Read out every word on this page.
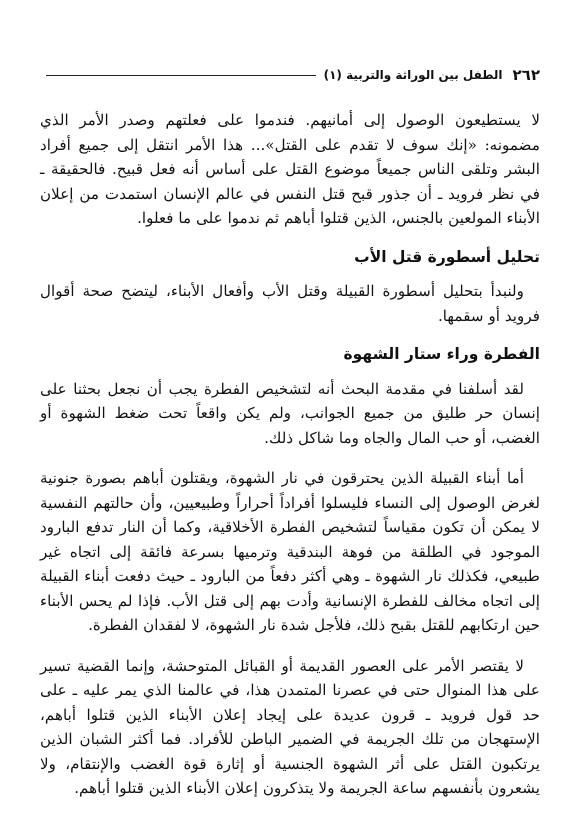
٢٦٢
الطفل بين الوراثة والتربية (١)

لا يستطيعون الوصول إلى أمانيهم. فندموا على فعلتهم وصدر الأمر الذي مضمونه: «إنك سوف لا تقدم على القتل»... هذا الأمر انتقل إلى جميع أفراد البشر وتلقى الناس جميعاً موضوع القتل على أساس أنه فعل قبيح. فالحقيقة ـ في نظر فرويد ـ أن جذور قبح قتل النفس في عالم الإنسان استمدت من إعلان الأبناء المولعين بالجنس، الذين قتلوا أباهم ثم ندموا على ما فعلوا.

تحليل أسطورة قتل الأب

ولنبدأ بتحليل أسطورة القبيلة وقتل الأب وأفعال الأبناء، ليتضح صحة أقوال فرويد أو سقمها.

الفطرة وراء ستار الشهوة

لقد أسلفنا في مقدمة البحث أنه لتشخيص الفطرة يجب أن نجعل بحثنا على إنسان حر طليق من جميع الجوانب، ولم يكن واقعاً تحت ضغط الشهوة أو الغضب، أو حب المال والجاه وما شاكل ذلك.

أما أبناء القبيلة الذين يحترقون في نار الشهوة، ويقتلون أباهم بصورة جنونية لغرض الوصول إلى النساء فليسلوا أفراداً أحراراً وطبيعيين، وأن حالتهم النفسية لا يمكن أن تكون مقياساً لتشخيص الفطرة الأخلاقية، وكما أن النار تدفع البارود الموجود في الطلقة من فوهة البندقية وترميها بسرعة فائقة إلى اتجاه غير طبيعي، فكذلك نار الشهوة ـ وهي أكثر دفعاً من البارود ـ حيث دفعت أبناء القبيلة إلى اتجاه مخالف للفطرة الإنسانية وأدت بهم إلى قتل الأب. فإذا لم يحس الأبناء حين ارتكابهم للقتل بقبح ذلك، فلأجل شدة نار الشهوة، لا لفقدان الفطرة.

لا يقتصر الأمر على العصور القديمة أو القبائل المتوحشة، وإنما القضية تسير على هذا المنوال حتى في عصرنا المتمدن هذا، في عالمنا الذي يمر عليه ـ على حد قول فرويد ـ قرون عديدة على إيجاد إعلان الأبناء الذين قتلوا أباهم، الإستهجان من تلك الجريمة في الضمير الباطن للأفراد. فما أكثر الشبان الذين يرتكبون القتل على أثر الشهوة الجنسية أو إثارة قوة الغضب والإنتقام، ولا يشعرون بأنفسهم ساعة الجريمة ولا يتذكرون إعلان الأبناء الذين قتلوا أباهم.
